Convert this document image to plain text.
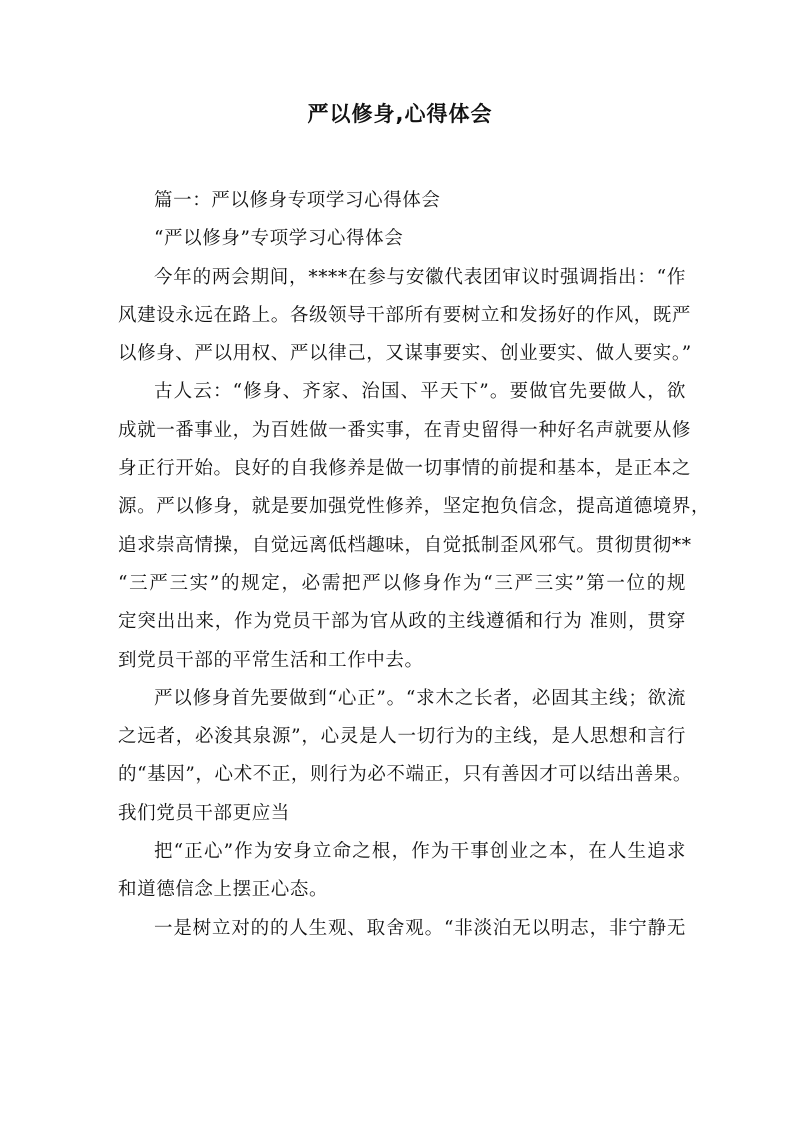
严以修身,心得体会
篇一：严以修身专项学习心得体会
“严以修身”专项学习心得体会
今年的两会期间，****在参与安徽代表团审议时强调指出：“作
风建设永远在路上。各级领导干部所有要树立和发扬好的作风，既严
以修身、严以用权、严以律己，又谋事要实、创业要实、做人要实。”
古人云：“修身、齐家、治国、平天下”。要做官先要做人，欲
成就一番事业，为百姓做一番实事，在青史留得一种好名声就要从修
身正行开始。良好的自我修养是做一切事情的前提和基本，是正本之
源。严以修身，就是要加强党性修养，坚定抱负信念，提高道德境界，
追求崇高情操，自觉远离低档趣味，自觉抵制歪风邪气。贯彻贯彻**
“三严三实”的规定，必需把严以修身作为“三严三实”第一位的规
定突出出来，作为党员干部为官从政的主线遵循和行为 准则，贯穿
到党员干部的平常生活和工作中去。
严以修身首先要做到“心正”。“求木之长者，必固其主线；欲流
之远者，必浚其泉源”，心灵是人一切行为的主线，是人思想和言行
的“基因”，心术不正，则行为必不端正，只有善因才可以结出善果。
我们党员干部更应当
把“正心”作为安身立命之根，作为干事创业之本，在人生追求
和道德信念上摆正心态。
一是树立对的的人生观、取舍观。“非淡泊无以明志，非宁静无
